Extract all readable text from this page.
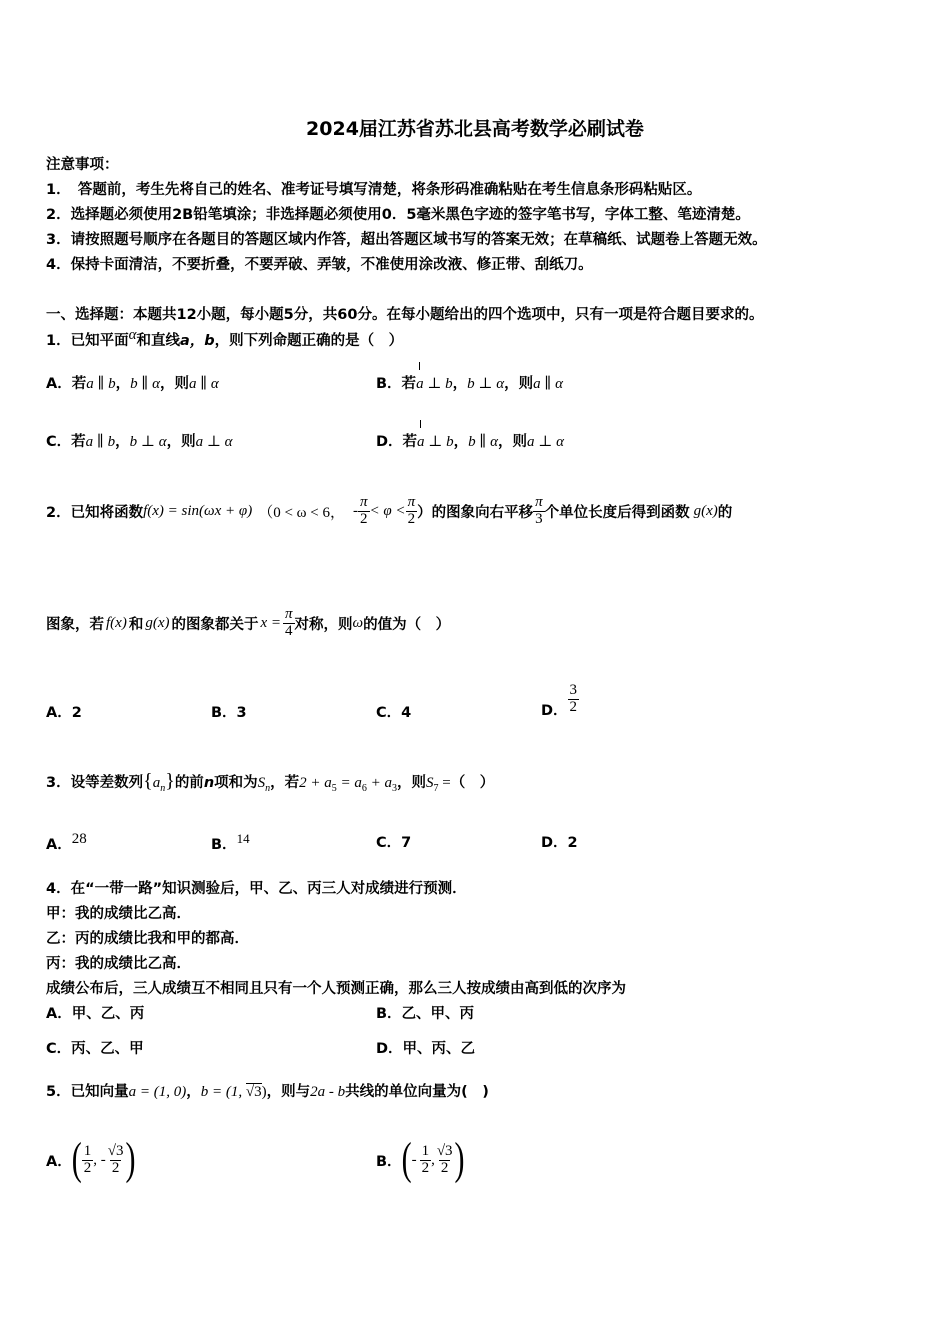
2024届江苏省苏北县高考数学必刷试卷
注意事项：
1．　答题前，考生先将自己的姓名、准考证号填写清楚，将条形码准确粘贴在考生信息条形码粘贴区。
2．选择题必须使用2B铅笔填涂；非选择题必须使用0．5毫米黑色字迹的签字笔书写，字体工整、笔迹清楚。
3．请按照题号顺序在各题目的答题区域内作答，超出答题区域书写的答案无效；在草稿纸、试题卷上答题无效。
4．保持卡面清洁，不要折叠，不要弄破、弄皱，不准使用涂改液、修正带、刮纸刀。
一、选择题：本题共12小题，每小题5分，共60分。在每小题给出的四个选项中，只有一项是符合题目要求的。
1．已知平面$^\alpha$和直线a，b，则下列命题正确的是（　）
A．若a ∥ b，b ∥ α，则a ∥ α	B．若a ⊥ b，b ⊥ α，则a ∥ α
C．若a ∥ b，b ⊥ α，则a ⊥ α	D．若a ⊥ b，b ∥ α，则a ⊥ α
2．已知将函数 f(x) = sin(ωx + φ) （0 < ω < 6， - $\frac{\pi}{2} < \varphi < \frac{\pi}{2}$ ）的图象向右平移 $\frac{\pi}{3}$ 个单位长度后得到函数 g(x) 的
图象，若 f(x) 和 g(x) 的图象都关于 $x = \frac{\pi}{4}$ 对称，则 ω 的值为（　）
A．2	B．3	C．4	D． $\frac{3}{2}$
3．设等差数列$\{a_n\}$的前n项和为$S_n$，若$2 + a_5 = a_6 + a_3$，则$S_7$ =（　）
A．$^{28}$	B．$^{14}$	C．7	D．2
4．在“一带一路”知识测验后，甲、乙、丙三人对成绩进行预测．
甲：我的成绩比乙高．
乙：丙的成绩比我和甲的都高．
丙：我的成绩比乙高．
成绩公布后，三人成绩互不相同且只有一个人预测正确，那么三人按成绩由高到低的次序为
A．甲、乙、丙	B．乙、甲、丙
C．丙、乙、甲	D．甲、丙、乙
5．已知向量a = (1, 0)，b = (1, √3)，则与2a - b共线的单位向量为(　)
A． ( $\frac{1}{2}$ , - $\frac{√3}{2}$ )	B． ( - $\frac{1}{2}$ , $\frac{√3}{2}$ )
